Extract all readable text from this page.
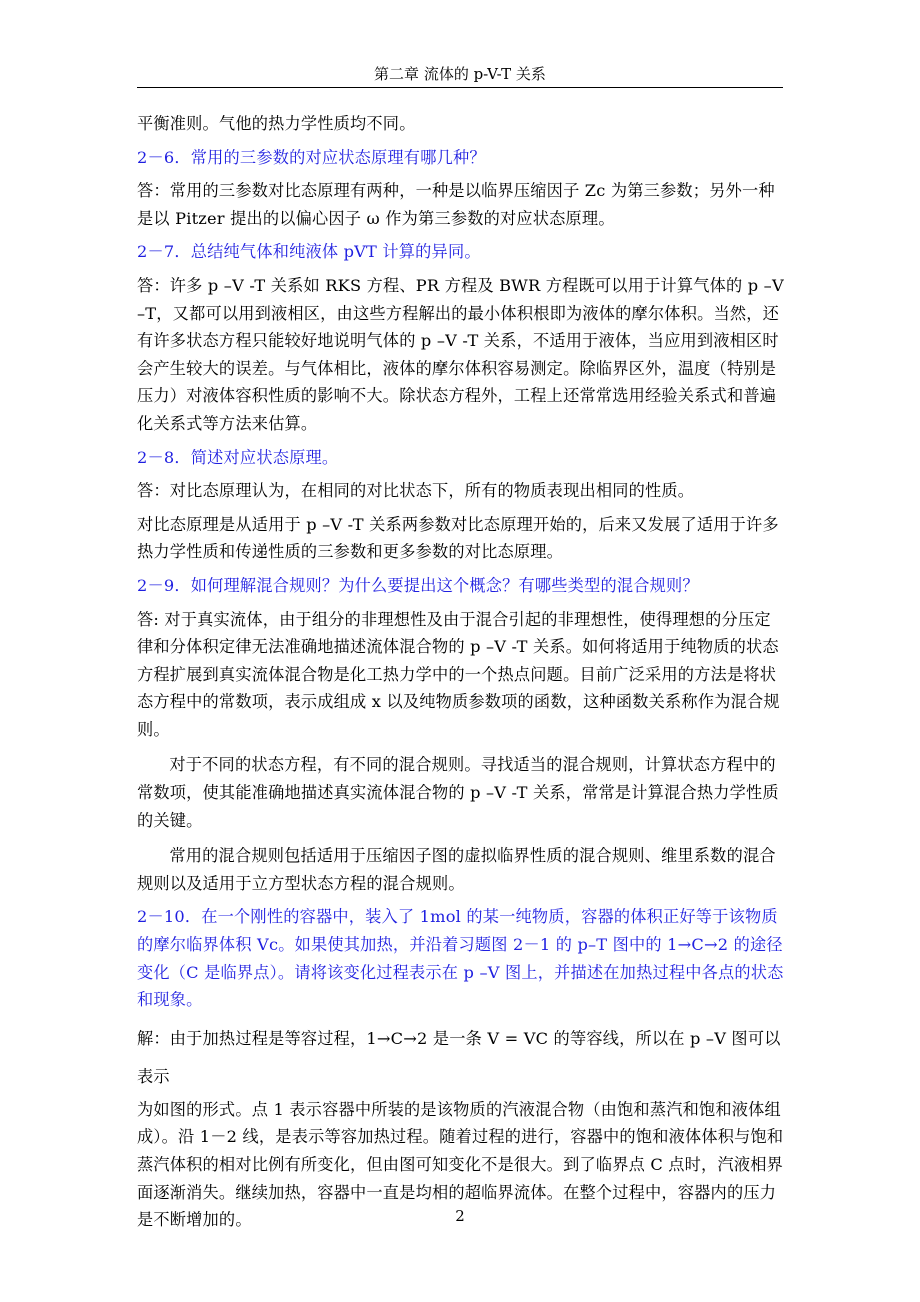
第二章 流体的 p-V-T 关系

平衡准则。气他的热力学性质均不同。

2－6．常用的三参数的对应状态原理有哪几种？

答：常用的三参数对比态原理有两种，一种是以临界压缩因子 Zc 为第三参数；另外一种是以 Pitzer 提出的以偏心因子 ω 作为第三参数的对应状态原理。

2－7．总结纯气体和纯液体 pVT 计算的异同。

答：许多 p –V -T 关系如 RKS 方程、PR 方程及 BWR 方程既可以用于计算气体的 p –V –T，又都可以用到液相区，由这些方程解出的最小体积根即为液体的摩尔体积。当然，还有许多状态方程只能较好地说明气体的 p –V -T 关系，不适用于液体，当应用到液相区时会产生较大的误差。与气体相比，液体的摩尔体积容易测定。除临界区外，温度（特别是压力）对液体容积性质的影响不大。除状态方程外，工程上还常常选用经验关系式和普遍化关系式等方法来估算。

2－8．简述对应状态原理。

答：对比态原理认为，在相同的对比状态下，所有的物质表现出相同的性质。

对比态原理是从适用于 p –V -T 关系两参数对比态原理开始的，后来又发展了适用于许多热力学性质和传递性质的三参数和更多参数的对比态原理。

2－9．如何理解混合规则？为什么要提出这个概念？有哪些类型的混合规则？

答: 对于真实流体，由于组分的非理想性及由于混合引起的非理想性，使得理想的分压定律和分体积定律无法准确地描述流体混合物的 p –V -T 关系。如何将适用于纯物质的状态方程扩展到真实流体混合物是化工热力学中的一个热点问题。目前广泛采用的方法是将状态方程中的常数项，表示成组成 x 以及纯物质参数项的函数，这种函数关系称作为混合规则。

对于不同的状态方程，有不同的混合规则。寻找适当的混合规则，计算状态方程中的常数项，使其能准确地描述真实流体混合物的 p –V -T 关系，常常是计算混合热力学性质的关键。

常用的混合规则包括适用于压缩因子图的虚拟临界性质的混合规则、维里系数的混合规则以及适用于立方型状态方程的混合规则。

2－10．在一个刚性的容器中，装入了 1mol 的某一纯物质，容器的体积正好等于该物质的摩尔临界体积 Vc。如果使其加热，并沿着习题图 2－1 的 p–T 图中的 1→C→2 的途径变化（C 是临界点）。请将该变化过程表示在 p –V 图上，并描述在加热过程中各点的状态和现象。

解：由于加热过程是等容过程，1→C→2 是一条 V = VC 的等容线，所以在 p –V 图可以表示

为如图的形式。点 1 表示容器中所装的是该物质的汽液混合物（由饱和蒸汽和饱和液体组成）。沿 1－2 线，是表示等容加热过程。随着过程的进行，容器中的饱和液体体积与饱和蒸汽体积的相对比例有所变化，但由图可知变化不是很大。到了临界点 C 点时，汽液相界面逐渐消失。继续加热，容器中一直是均相的超临界流体。在整个过程中，容器内的压力是不断增加的。	2
